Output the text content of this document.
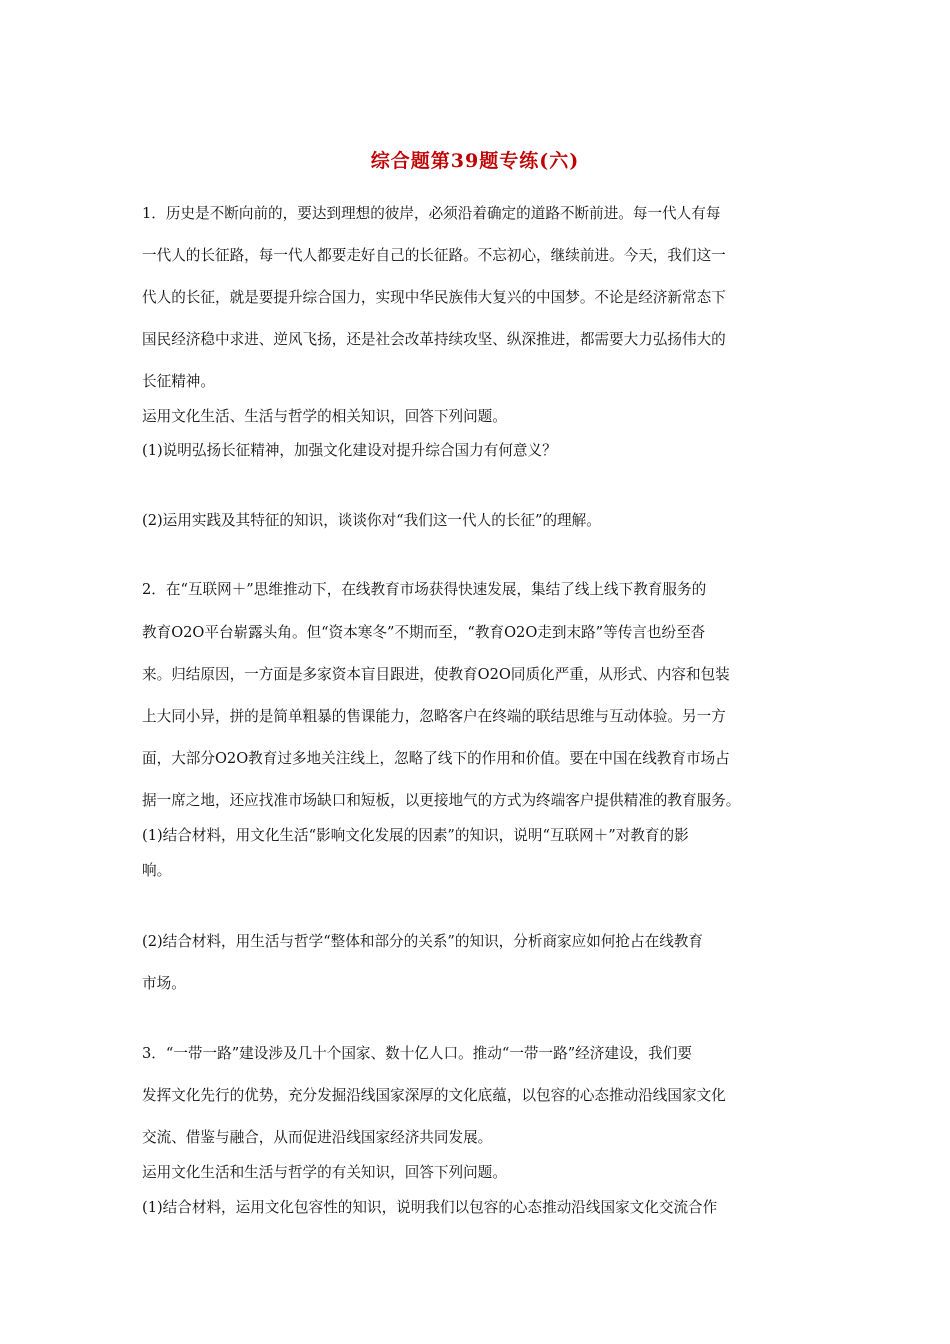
综合题第39题专练(六)
1．历史是不断向前的，要达到理想的彼岸，必须沿着确定的道路不断前进。每一代人有每
一代人的长征路，每一代人都要走好自己的长征路。不忘初心，继续前进。今天，我们这一
代人的长征，就是要提升综合国力，实现中华民族伟大复兴的中国梦。不论是经济新常态下
国民经济稳中求进、逆风飞扬，还是社会改革持续攻坚、纵深推进，都需要大力弘扬伟大的
长征精神。
运用文化生活、生活与哲学的相关知识，回答下列问题。
(1)说明弘扬长征精神，加强文化建设对提升综合国力有何意义？
(2)运用实践及其特征的知识，谈谈你对“我们这一代人的长征”的理解。
2．在“互联网＋”思维推动下，在线教育市场获得快速发展，集结了线上线下教育服务的
教育O2O平台崭露头角。但“资本寒冬”不期而至，“教育O2O走到末路”等传言也纷至沓
来。归结原因，一方面是多家资本盲目跟进，使教育O2O同质化严重，从形式、内容和包装
上大同小异，拼的是简单粗暴的售课能力，忽略客户在终端的联结思维与互动体验。另一方
面，大部分O2O教育过多地关注线上，忽略了线下的作用和价值。要在中国在线教育市场占
据一席之地，还应找准市场缺口和短板，以更接地气的方式为终端客户提供精准的教育服务。
(1)结合材料，用文化生活“影响文化发展的因素”的知识，说明“互联网＋”对教育的影
响。
(2)结合材料，用生活与哲学“整体和部分的关系”的知识，分析商家应如何抢占在线教育
市场。
3．“一带一路”建设涉及几十个国家、数十亿人口。推动“一带一路”经济建设，我们要
发挥文化先行的优势，充分发掘沿线国家深厚的文化底蕴，以包容的心态推动沿线国家文化
交流、借鉴与融合，从而促进沿线国家经济共同发展。
运用文化生活和生活与哲学的有关知识，回答下列问题。
(1)结合材料，运用文化包容性的知识，说明我们以包容的心态推动沿线国家文化交流合作
